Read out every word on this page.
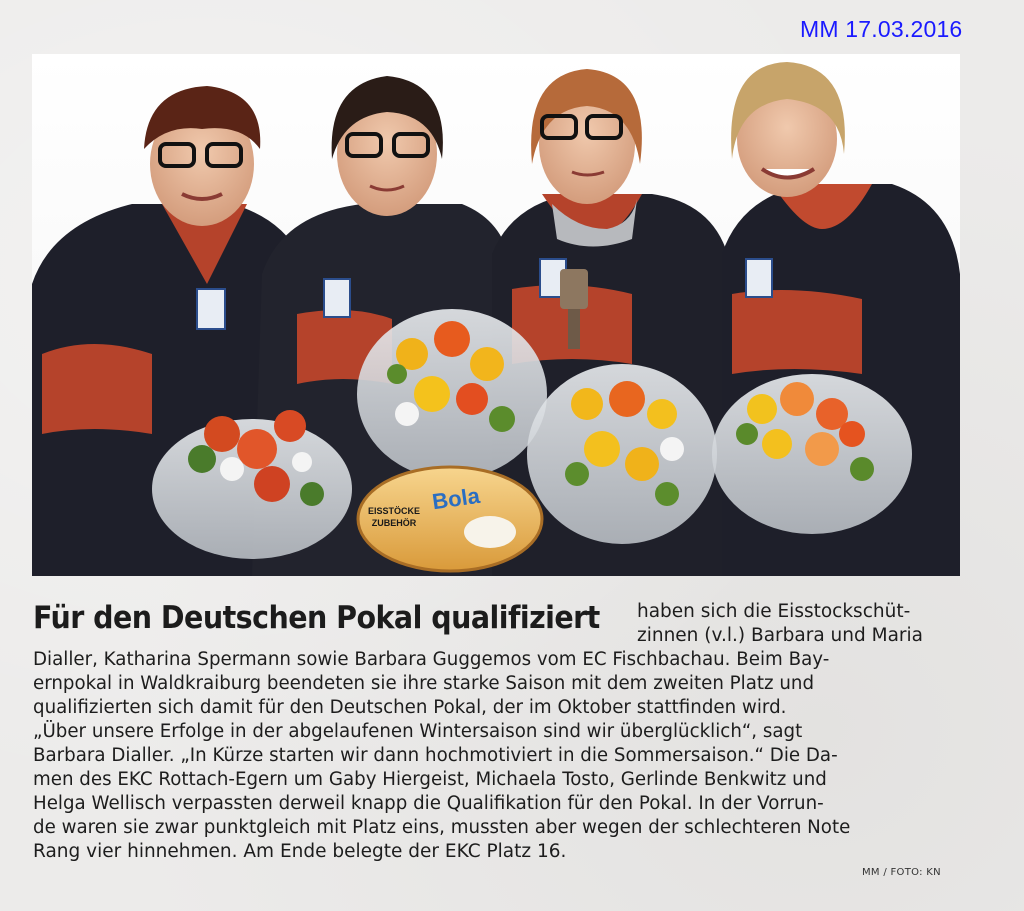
MM 17.03.2016
Bola
EISSTÖCKE
ZUBEHÖR
Für den Deutschen Pokal qualifiziert haben sich die Eisstockschüt-
zinnen (v.l.) Barbara und Maria
Dialler, Katharina Spermann sowie Barbara Guggemos vom EC Fischbachau. Beim Bay-
ernpokal in Waldkraiburg beendeten sie ihre starke Saison mit dem zweiten Platz und
qualifizierten sich damit für den Deutschen Pokal, der im Oktober stattfinden wird.
„Über unsere Erfolge in der abgelaufenen Wintersaison sind wir überglücklich“, sagt
Barbara Dialler. „In Kürze starten wir dann hochmotiviert in die Sommersaison.“ Die Da-
men des EKC Rottach-Egern um Gaby Hiergeist, Michaela Tosto, Gerlinde Benkwitz und
Helga Wellisch verpassten derweil knapp die Qualifikation für den Pokal. In der Vorrun-
de waren sie zwar punktgleich mit Platz eins, mussten aber wegen der schlechteren Note
Rang vier hinnehmen. Am Ende belegte der EKC Platz 16.
MM / FOTO: KN
